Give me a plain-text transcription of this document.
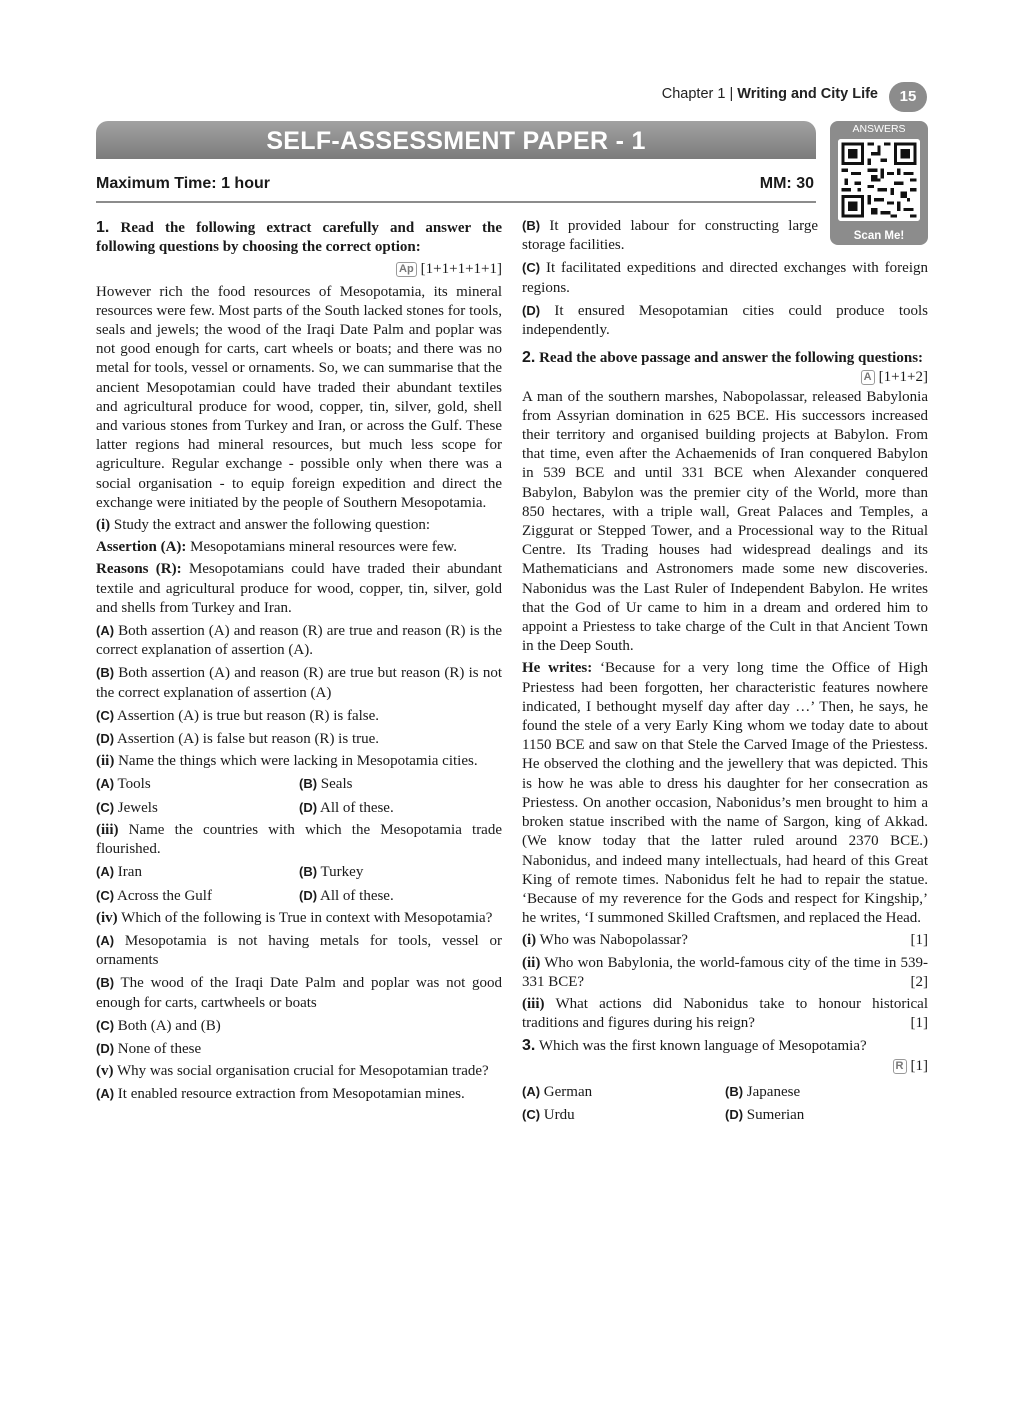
Chapter 1 | Writing and City Life	15
SELF-ASSESSMENT PAPER - 1	ANSWERS
Scan Me!
Maximum Time: 1 hour	MM: 30

1. Read the following extract carefully and answer the following questions by choosing the correct option:

Ap [1+1+1+1+1]

However rich the food resources of Mesopotamia, its mineral resources were few. Most parts of the South lacked stones for tools, seals and jewels; the wood of the Iraqi Date Palm and poplar was not good enough for carts, cart wheels or boats; and there was no metal for tools, vessel or ornaments. So, we can summarise that the ancient Mesopotamian could have traded their abundant textiles and agricultural produce for wood, copper, tin, silver, gold, shell and various stones from Turkey and Iran, or across the Gulf. These latter regions had mineral resources, but much less scope for agriculture. Regular exchange - possible only when there was a social organisation - to equip foreign expedition and direct the exchange were initiated by the people of Southern Mesopotamia.

(i) Study the extract and answer the following question:

Assertion (A): Mesopotamians mineral resources were few.

Reasons (R): Mesopotamians could have traded their abundant textile and agricultural produce for wood, copper, tin, silver, gold and shells from Turkey and Iran.

(A) Both assertion (A) and reason (R) are true and reason (R) is the correct explanation of assertion (A).

(B) Both assertion (A) and reason (R) are true but reason (R) is not the correct explanation of assertion (A)

(C) Assertion (A) is true but reason (R) is false.

(D) Assertion (A) is false but reason (R) is true.

(ii) Name the things which were lacking in Mesopotamia cities.

(A) Tools	(B) Seals
(C) Jewels	(D) All of these.

(iii) Name the countries with which the Mesopotamia trade flourished.

(A) Iran	(B) Turkey
(C) Across the Gulf	(D) All of these.

(iv) Which of the following is True in context with Mesopotamia?

(A) Mesopotamia is not having metals for tools, vessel or ornaments

(B) The wood of the Iraqi Date Palm and poplar was not good enough for carts, cartwheels or boats

(C) Both (A) and (B)

(D) None of these

(v) Why was social organisation crucial for Mesopotamian trade?

(A) It enabled resource extraction from Mesopotamian mines.

(B) It provided labour for constructing large storage facilities.

(C) It facilitated expeditions and directed exchanges with foreign regions.

(D) It ensured Mesopotamian cities could produce tools independently.

2. Read the above passage and answer the following questions:
A [1+1+2]

A man of the southern marshes, Nabopolassar, released Babylonia from Assyrian domination in 625 BCE. His successors increased their territory and organised building projects at Babylon. From that time, even after the Achaemenids of Iran conquered Babylon in 539 BCE and until 331 BCE when Alexander conquered Babylon, Babylon was the premier city of the World, more than 850 hectares, with a triple wall, Great Palaces and Temples, a Ziggurat or Stepped Tower, and a Processional way to the Ritual Centre. Its Trading houses had widespread dealings and its Mathematicians and Astronomers made some new discoveries. Nabonidus was the Last Ruler of Independent Babylon. He writes that the God of Ur came to him in a dream and ordered him to appoint a Priestess to take charge of the Cult in that Ancient Town in the Deep South.

He writes: ‘Because for a very long time the Office of High Priestess had been forgotten, her characteristic features nowhere indicated, I bethought myself day after day …’ Then, he says, he found the stele of a very Early King whom we today date to about 1150 BCE and saw on that Stele the Carved Image of the Priestess. He observed the clothing and the jewellery that was depicted. This is how he was able to dress his daughter for her consecration as Priestess. On another occasion, Nabonidus’s men brought to him a broken statue inscribed with the name of Sargon, king of Akkad. (We know today that the latter ruled around 2370 BCE.) Nabonidus, and indeed many intellectuals, had heard of this Great King of remote times. Nabonidus felt he had to repair the statue. ‘Because of my reverence for the Gods and respect for Kingship,’ he writes, ‘I summoned Skilled Craftsmen, and replaced the Head.

(i) Who was Nabopolassar?	[1]

(ii) Who won Babylonia, the world-famous city of the time in 539-331 BCE?	[2]

(iii) What actions did Nabonidus take to honour historical traditions and figures during his reign?	[1]

3. Which was the first known language of Mesopotamia?

R [1]

(A) German	(B) Japanese
(C) Urdu	(D) Sumerian
